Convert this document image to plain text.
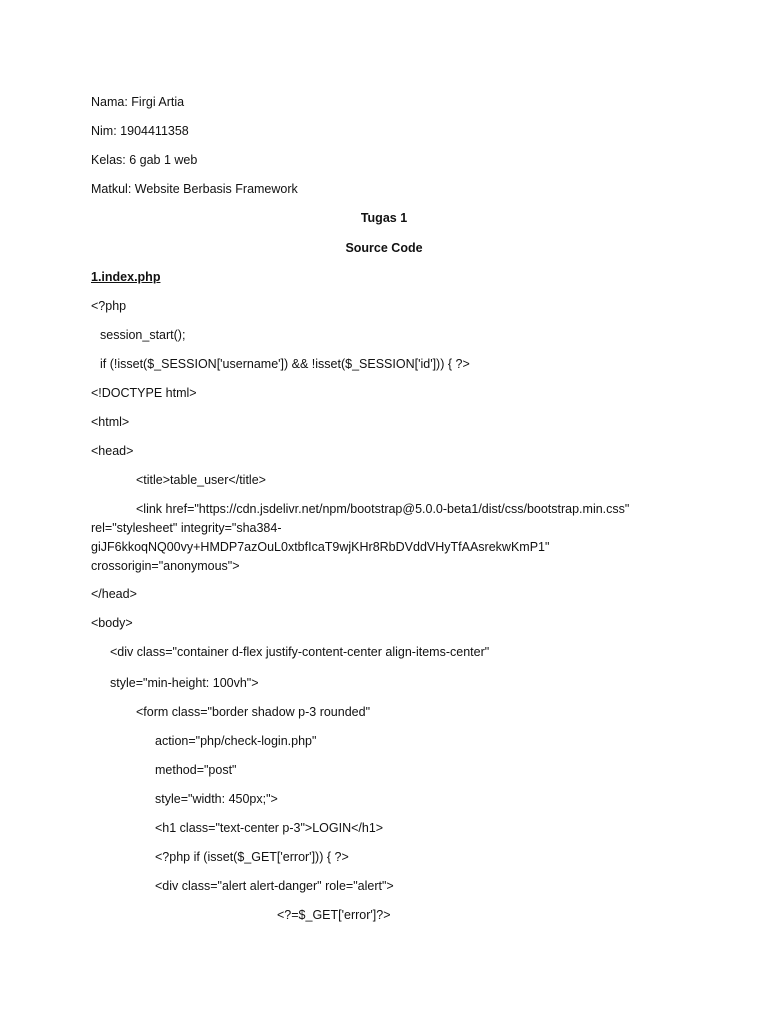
Nama: Firgi Artia
Nim: 1904411358
Kelas: 6 gab 1 web
Matkul: Website Berbasis Framework
Tugas 1
Source Code
1.index.php
<?php
session_start();
if (!isset($_SESSION['username']) && !isset($_SESSION['id'])) { ?>
<!DOCTYPE html>
<html>
<head>
<title>table_user</title>
<link href="https://cdn.jsdelivr.net/npm/bootstrap@5.0.0-beta1/dist/css/bootstrap.min.css"
rel="stylesheet" integrity="sha384-
giJF6kkoqNQ00vy+HMDP7azOuL0xtbfIcaT9wjKHr8RbDVddVHyTfAAsrekwKmP1"
crossorigin="anonymous">
</head>
<body>
<div class="container d-flex justify-content-center align-items-center"
style="min-height: 100vh">
<form class="border shadow p-3 rounded"
action="php/check-login.php"
method="post"
style="width: 450px;">
<h1 class="text-center p-3">LOGIN</h1>
<?php if (isset($_GET['error'])) { ?>
<div class="alert alert-danger" role="alert">
<?=$_GET['error']?>
